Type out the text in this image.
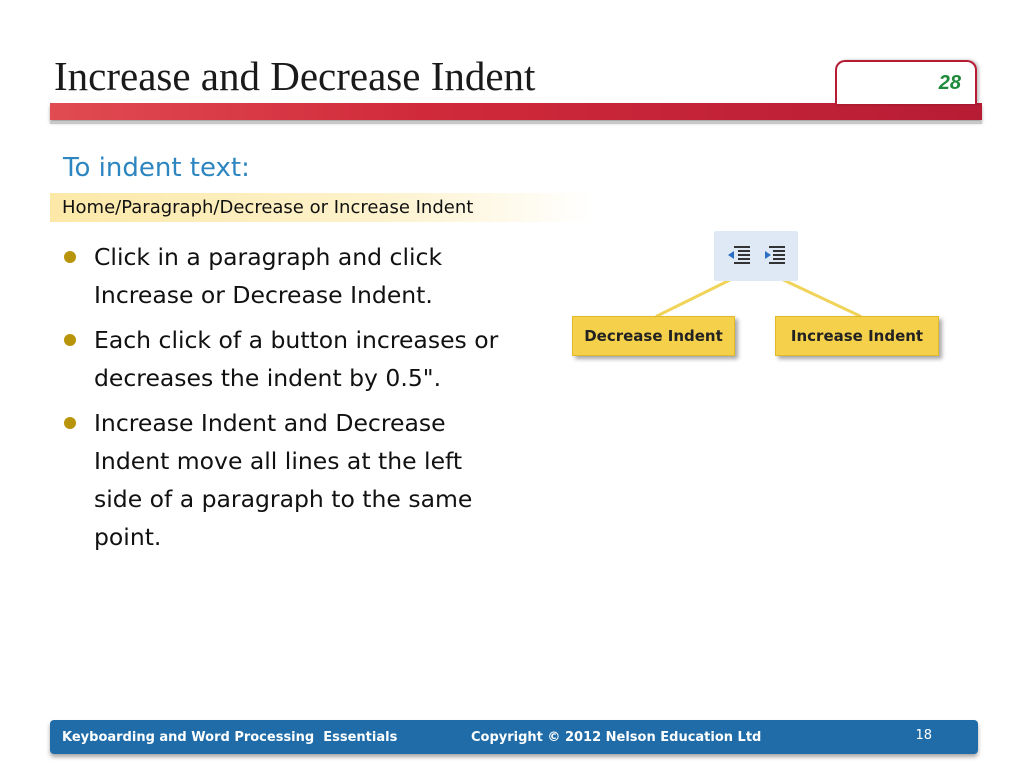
Increase and Decrease Indent	28
To indent text:
Home/Paragraph/Decrease or Increase Indent
Click in a paragraph and click Increase or Decrease Indent.
Each click of a button increases or decreases the indent by 0.5".
Increase Indent and Decrease Indent move all lines at the left side of a paragraph to the same point.
Decrease Indent	Increase Indent
Keyboarding and Word Processing  Essentials	Copyright © 2012 Nelson Education Ltd	18
